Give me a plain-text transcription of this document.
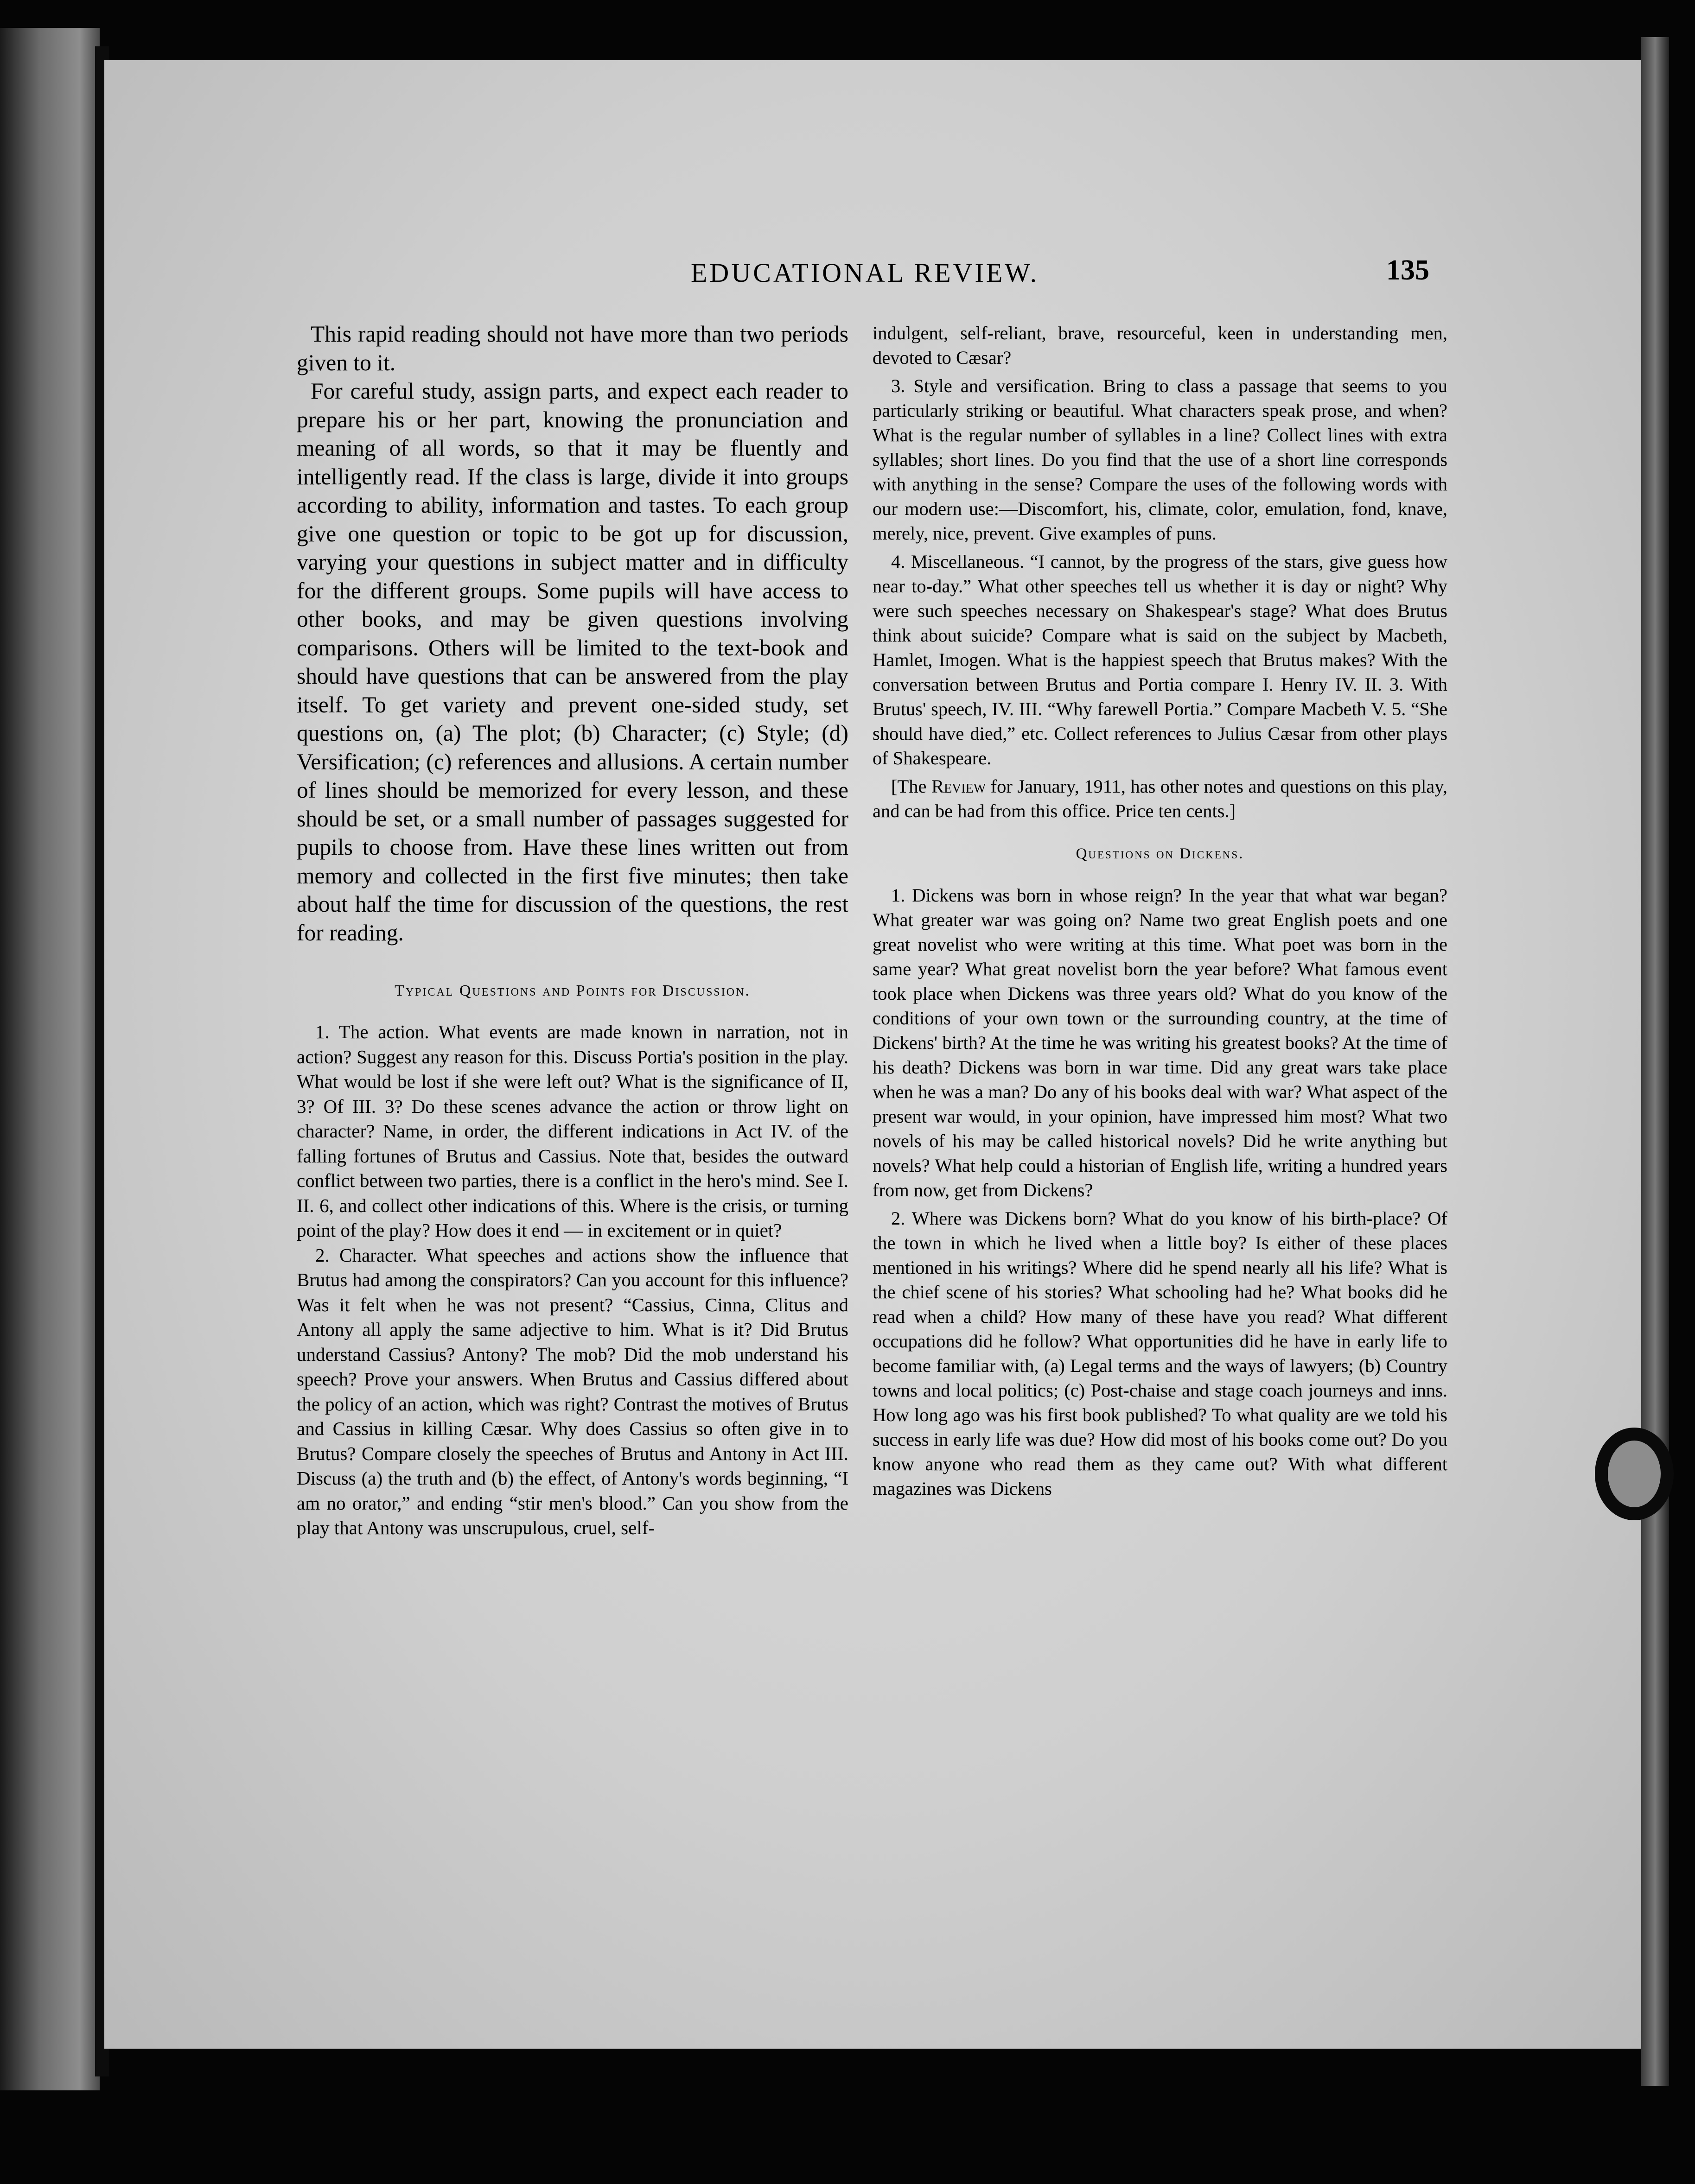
EDUCATIONAL REVIEW.	135

This rapid reading should not have more than two periods given to it.

For careful study, assign parts, and expect each reader to prepare his or her part, knowing the pronunciation and meaning of all words, so that it may be fluently and intelligently read. If the class is large, divide it into groups according to ability, information and tastes. To each group give one question or topic to be got up for discussion, varying your questions in subject matter and in difficulty for the different groups. Some pupils will have access to other books, and may be given questions involving comparisons. Others will be limited to the text-book and should have questions that can be answered from the play itself. To get variety and prevent one-sided study, set questions on, (a) The plot; (b) Character; (c) Style; (d) Versification; (c) references and allusions. A certain number of lines should be memorized for every lesson, and these should be set, or a small number of passages suggested for pupils to choose from. Have these lines written out from memory and collected in the first five minutes; then take about half the time for discussion of the questions, the rest for reading.

Typical Questions and Points for Discussion.

1. The action. What events are made known in narration, not in action? Suggest any reason for this. Discuss Portia's position in the play. What would be lost if she were left out? What is the significance of II, 3? Of III. 3? Do these scenes advance the action or throw light on character? Name, in order, the different indications in Act IV. of the falling fortunes of Brutus and Cassius. Note that, besides the outward conflict between two parties, there is a conflict in the hero's mind. See I. II. 6, and collect other indications of this. Where is the crisis, or turning point of the play? How does it end — in excitement or in quiet?

2. Character. What speeches and actions show the influence that Brutus had among the conspirators? Can you account for this influence? Was it felt when he was not present? “Cassius, Cinna, Clitus and Antony all apply the same adjective to him. What is it? Did Brutus understand Cassius? Antony? The mob? Did the mob understand his speech? Prove your answers. When Brutus and Cassius differed about the policy of an action, which was right? Contrast the motives of Brutus and Cassius in killing Cæsar. Why does Cassius so often give in to Brutus? Compare closely the speeches of Brutus and Antony in Act III. Discuss (a) the truth and (b) the effect, of Antony's words beginning, “I am no orator,” and ending “stir men's blood.” Can you show from the play that Antony was unscrupulous, cruel, self-

indulgent, self-reliant, brave, resourceful, keen in understanding men, devoted to Cæsar?

3. Style and versification. Bring to class a passage that seems to you particularly striking or beautiful. What characters speak prose, and when? What is the regular number of syllables in a line? Collect lines with extra syllables; short lines. Do you find that the use of a short line corresponds with anything in the sense? Compare the uses of the following words with our modern use:—Discomfort, his, climate, color, emulation, fond, knave, merely, nice, prevent. Give examples of puns.

4. Miscellaneous. “I cannot, by the progress of the stars, give guess how near to-day.” What other speeches tell us whether it is day or night? Why were such speeches necessary on Shakespear's stage? What does Brutus think about suicide? Compare what is said on the subject by Macbeth, Hamlet, Imogen. What is the happiest speech that Brutus makes? With the conversation between Brutus and Portia compare I. Henry IV. II. 3. With Brutus' speech, IV. III. “Why farewell Portia.” Compare Macbeth V. 5. “She should have died,” etc. Collect references to Julius Cæsar from other plays of Shakespeare.

[The Review for January, 1911, has other notes and questions on this play, and can be had from this office. Price ten cents.]

Questions on Dickens.

1. Dickens was born in whose reign? In the year that what war began? What greater war was going on? Name two great English poets and one great novelist who were writing at this time. What poet was born in the same year? What great novelist born the year before? What famous event took place when Dickens was three years old? What do you know of the conditions of your own town or the surrounding country, at the time of Dickens' birth? At the time he was writing his greatest books? At the time of his death? Dickens was born in war time. Did any great wars take place when he was a man? Do any of his books deal with war? What aspect of the present war would, in your opinion, have impressed him most? What two novels of his may be called historical novels? Did he write anything but novels? What help could a historian of English life, writing a hundred years from now, get from Dickens?

2. Where was Dickens born? What do you know of his birth-place? Of the town in which he lived when a little boy? Is either of these places mentioned in his writings? Where did he spend nearly all his life? What is the chief scene of his stories? What schooling had he? What books did he read when a child? How many of these have you read? What different occupations did he follow? What opportunities did he have in early life to become familiar with, (a) Legal terms and the ways of lawyers; (b) Country towns and local politics; (c) Post-chaise and stage coach journeys and inns. How long ago was his first book published? To what quality are we told his success in early life was due? How did most of his books come out? Do you know anyone who read them as they came out? With what different magazines was Dickens
